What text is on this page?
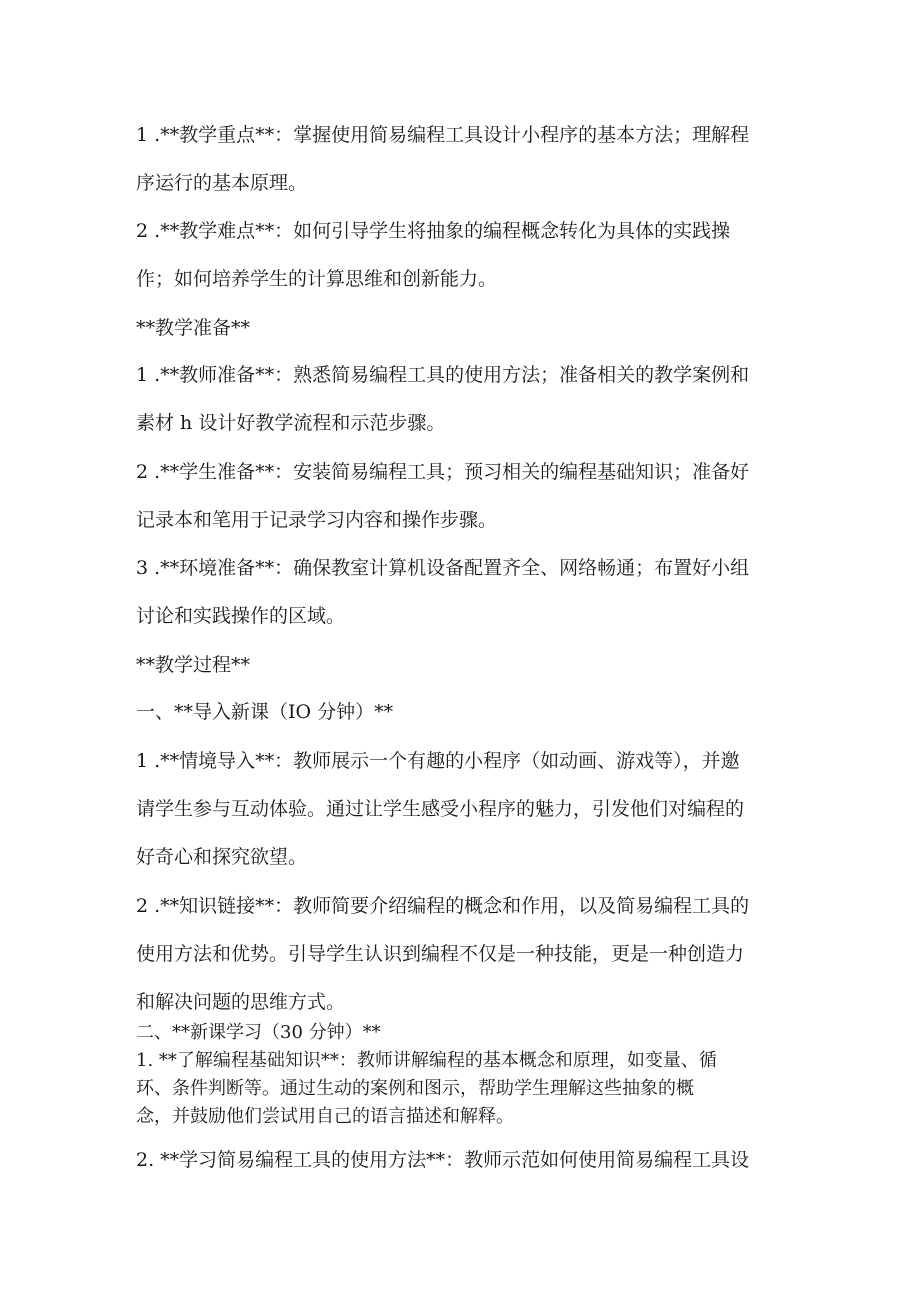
1 .**教学重点**：掌握使用简易编程工具设计小程序的基本方法；理解程
序运行的基本原理。
2 .**教学难点**：如何引导学生将抽象的编程概念转化为具体的实践操
作；如何培养学生的计算思维和创新能力。
**教学准备**
1 .**教师准备**：熟悉简易编程工具的使用方法；准备相关的教学案例和
素材 h 设计好教学流程和示范步骤。
2 .**学生准备**：安装简易编程工具；预习相关的编程基础知识；准备好
记录本和笔用于记录学习内容和操作步骤。
3 .**环境准备**：确保教室计算机设备配置齐全、网络畅通；布置好小组
讨论和实践操作的区域。
**教学过程**
一、**导入新课（IO 分钟）**
1 .**情境导入**：教师展示一个有趣的小程序（如动画、游戏等），并邀
请学生参与互动体验。通过让学生感受小程序的魅力，引发他们对编程的
好奇心和探究欲望。
2 .**知识链接**：教师简要介绍编程的概念和作用，以及简易编程工具的
使用方法和优势。引导学生认识到编程不仅是一种技能，更是一种创造力
和解决问题的思维方式。
二、**新课学习（30 分钟）**
1. **了解编程基础知识**：教师讲解编程的基本概念和原理，如变量、循
环、条件判断等。通过生动的案例和图示，帮助学生理解这些抽象的概
念，并鼓励他们尝试用自己的语言描述和解释。
2. **学习简易编程工具的使用方法**：教师示范如何使用简易编程工具设
